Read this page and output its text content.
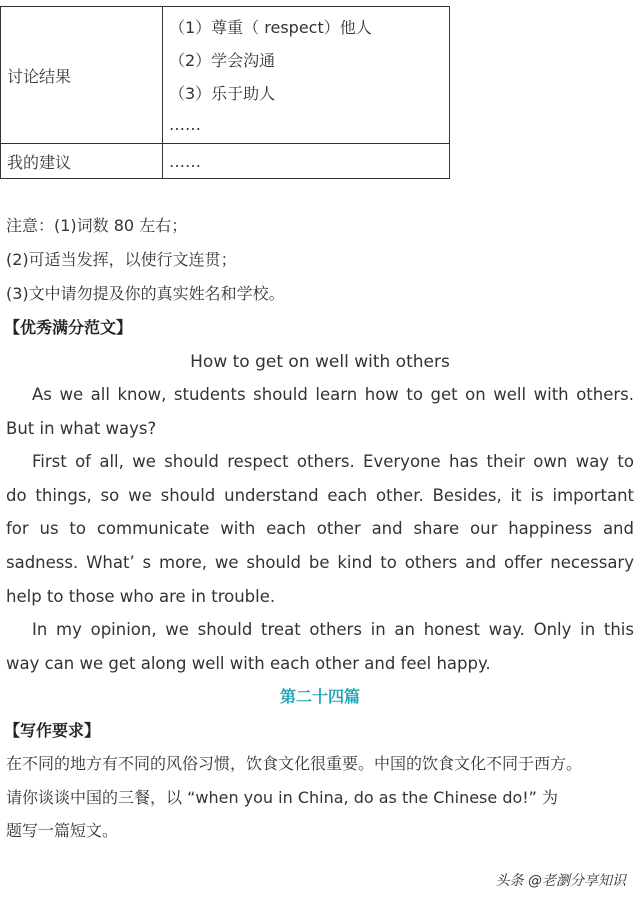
讨论结果	（1）尊重（ respect）他人
（2）学会沟通
（3）乐于助人
……

我的建议	……
注意：(1)词数 80 左右；
(2)可适当发挥，以使行文连贯；
(3)文中请勿提及你的真实姓名和学校。
【优秀满分范文】
How to get on well with others
As we all know, students should learn how to get on well with others.
But in what ways?
First of all, we should respect others. Everyone has their own way to
do things, so we should understand each other. Besides, it is important
for us to communicate with each other and share our happiness and
sadness. What’ s more, we should be kind to others and offer necessary
help to those who are in trouble.
In my opinion, we should treat others in an honest way. Only in this
way can we get along well with each other and feel happy.
第二十四篇
【写作要求】
在不同的地方有不同的风俗习惯，饮食文化很重要。中国的饮食文化不同于西方。
请你谈谈中国的三餐，以 “when you in China, do as the Chinese do!” 为
题写一篇短文。
头条 @老瀏分享知识
